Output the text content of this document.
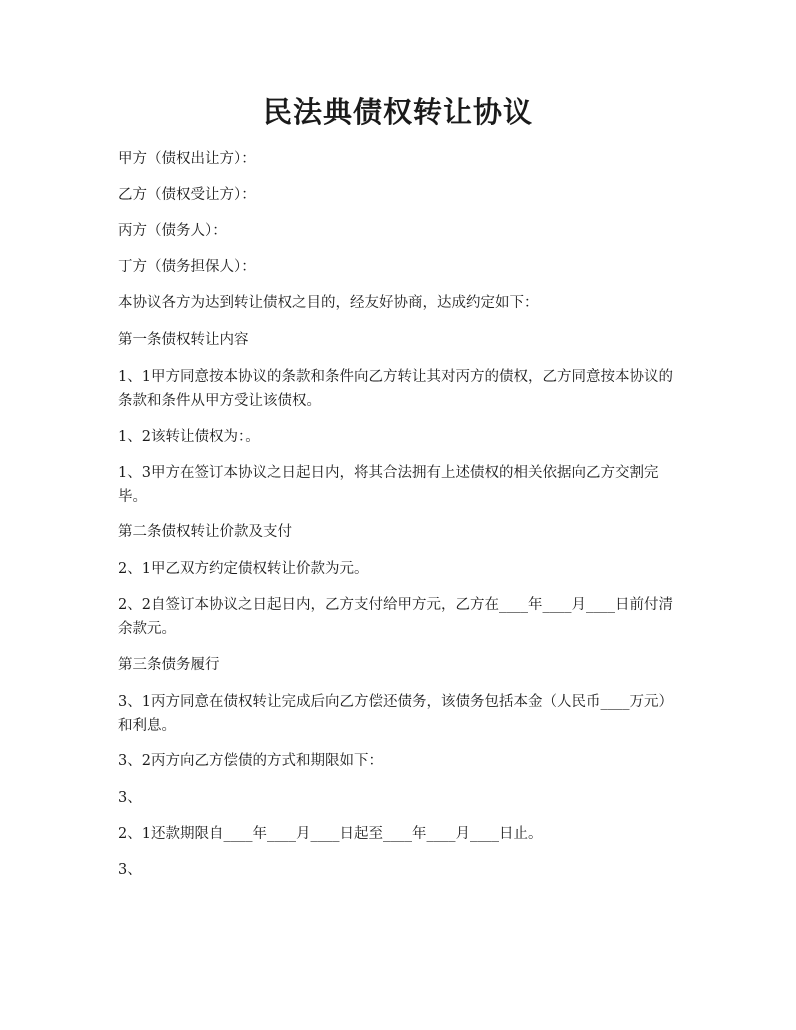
民法典债权转让协议

甲方（债权出让方）：

乙方（债权受让方）：

丙方（债务人）：

丁方（债务担保人）：

本协议各方为达到转让债权之目的，经友好协商，达成约定如下：

第一条债权转让内容

1、1甲方同意按本协议的条款和条件向乙方转让其对丙方的债权，乙方同意按本协议的条款和条件从甲方受让该债权。

1、2该转让债权为：。

1、3甲方在签订本协议之日起日内，将其合法拥有上述债权的相关依据向乙方交割完毕。

第二条债权转让价款及支付

2、1甲乙双方约定债权转让价款为元。

2、2自签订本协议之日起日内，乙方支付给甲方元，乙方在____年____月____日前付清余款元。

第三条债务履行

3、1丙方同意在债权转让完成后向乙方偿还债务，该债务包括本金（人民币____万元）和利息。

3、2丙方向乙方偿债的方式和期限如下：

3、

2、1还款期限自____年____月____日起至____年____月____日止。

3、
